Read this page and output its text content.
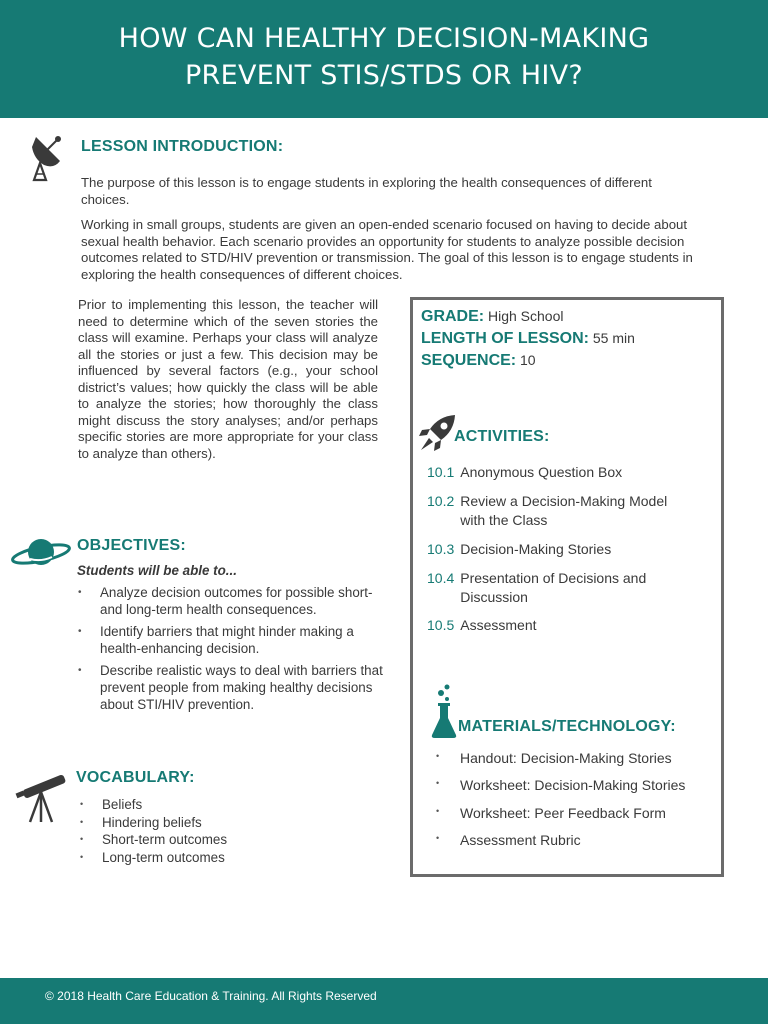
HOW CAN HEALTHY DECISION-MAKING
PREVENT STIS/STDS OR HIV?
LESSON INTRODUCTION:
The purpose of this lesson is to engage students in exploring the health consequences of different choices.
Working in small groups, students are given an open-ended scenario focused on having to decide about sexual health behavior. Each scenario provides an opportunity for students to analyze possible decision outcomes related to STD/HIV prevention or transmission. The goal of this lesson is to engage students in exploring the health consequences of different choices.
Prior to implementing this lesson, the teacher will need to determine which of the seven stories the class will examine. Perhaps your class will analyze all the stories or just a few. This decision may be influenced by several factors (e.g., your school district’s values; how quickly the class will be able to analyze the stories; how thoroughly the class might discuss the story analyses; and/or perhaps specific stories are more appropriate for your class to analyze than others).
OBJECTIVES:
Students will be able to...
• Analyze decision outcomes for possible short- and long-term health consequences.
• Identify barriers that might hinder making a health-enhancing decision.
• Describe realistic ways to deal with barriers that prevent people from making healthy decisions about STI/HIV prevention.
VOCABULARY:
• Beliefs
• Hindering beliefs
• Short-term outcomes
• Long-term outcomes
GRADE: High School
LENGTH OF LESSON: 55 min
SEQUENCE: 10
ACTIVITIES:
10.1 Anonymous Question Box
10.2 Review a Decision-Making Model
with the Class
10.3 Decision-Making Stories
10.4 Presentation of Decisions and
Discussion
10.5 Assessment
MATERIALS/TECHNOLOGY:
• Handout: Decision-Making Stories
• Worksheet: Decision-Making Stories
• Worksheet: Peer Feedback Form
• Assessment Rubric
© 2018 Health Care Education & Training. All Rights Reserved
